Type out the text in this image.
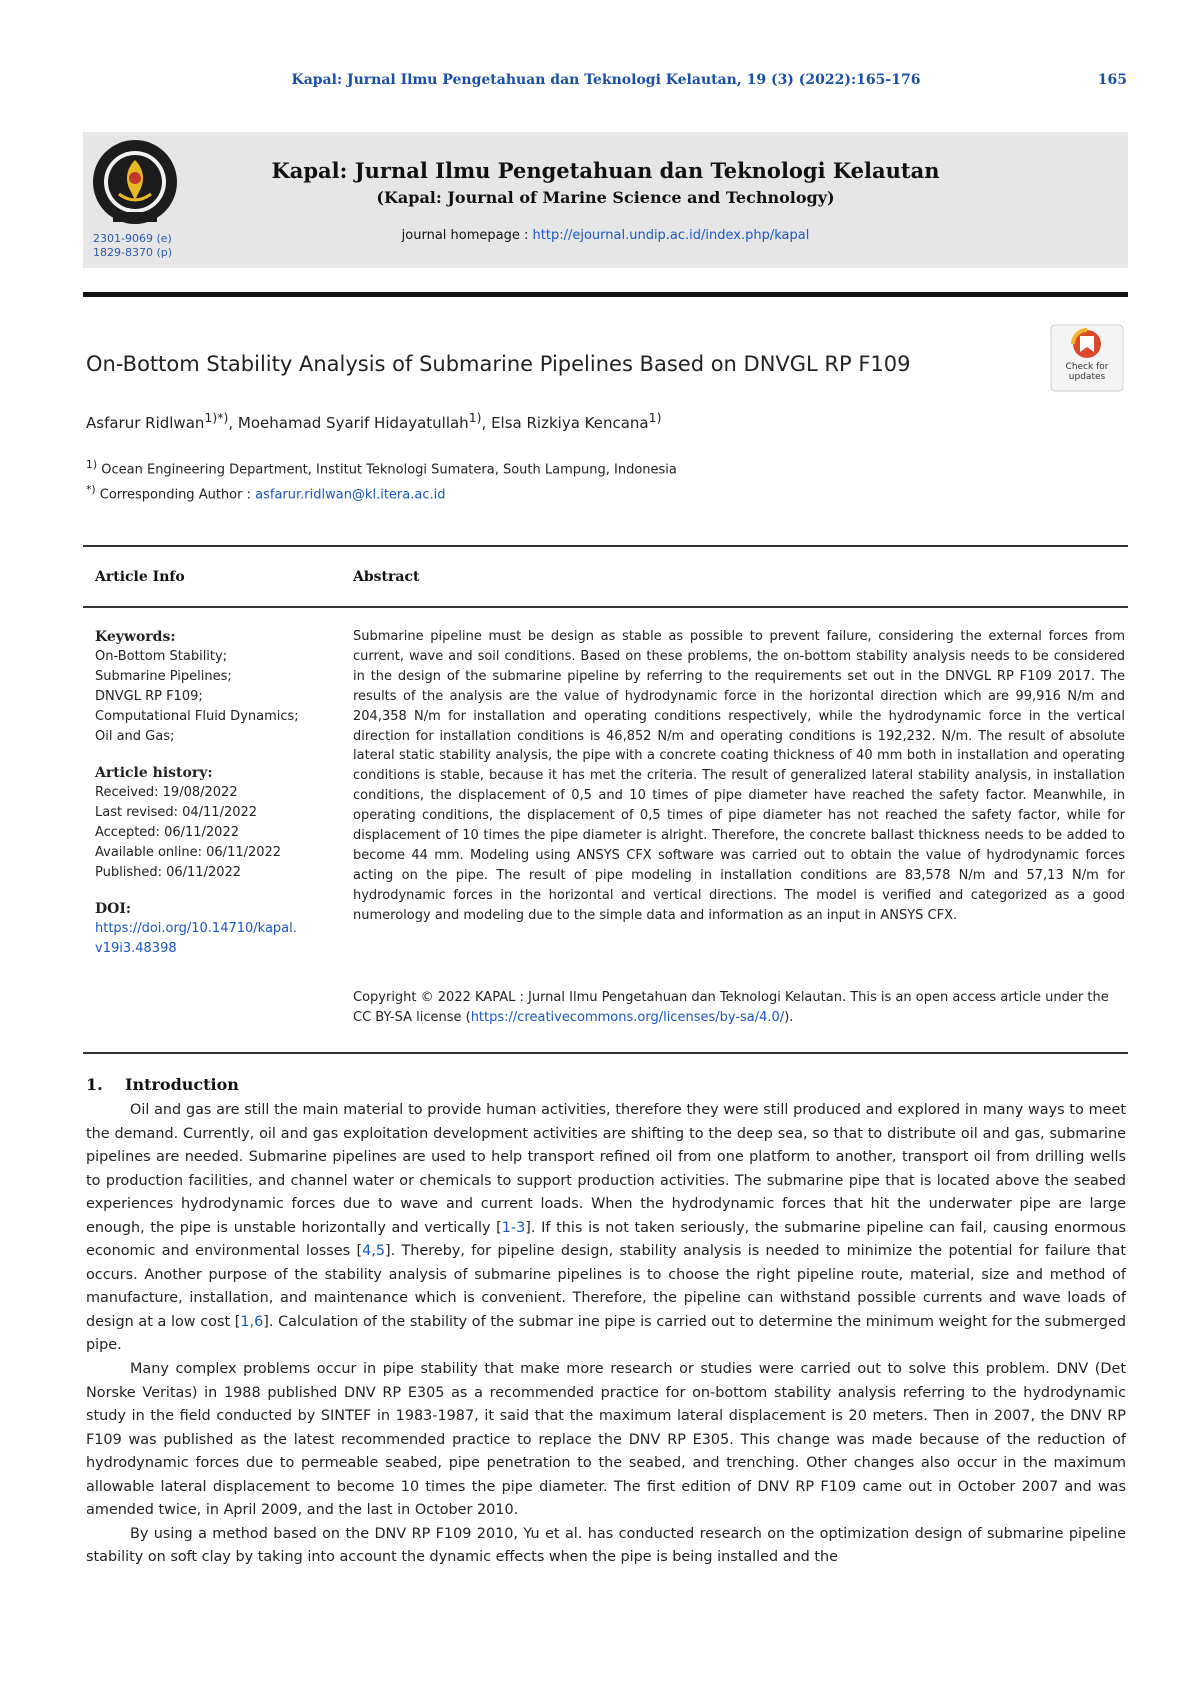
Kapal: Jurnal Ilmu Pengetahuan dan Teknologi Kelautan, 19 (3) (2022):165-176	165
2301-9069 (e)
1829-8370 (p)
Kapal: Jurnal Ilmu Pengetahuan dan Teknologi Kelautan
(Kapal: Journal of Marine Science and Technology)
journal homepage : http://ejournal.undip.ac.id/index.php/kapal
On-Bottom Stability Analysis of Submarine Pipelines Based on DNVGL RP F109	Check for
updates
Asfarur Ridlwan$^{1)*)}$, Moehamad Syarif Hidayatullah$^{1)}$, Elsa Rizkiya Kencana$^{1)}$
$^{1)}$ Ocean Engineering Department, Institut Teknologi Sumatera, South Lampung, Indonesia
*) Corresponding Author : asfarur.ridlwan@kl.itera.ac.id
Article Info	Abstract
Keywords:
On-Bottom Stability;
Submarine Pipelines;
DNVGL RP F109;
Computational Fluid Dynamics;
Oil and Gas;
Article history:
Received: 19/08/2022
Last revised: 04/11/2022
Accepted: 06/11/2022
Available online: 06/11/2022
Published: 06/11/2022
DOI:
https://doi.org/10.14710/kapal.
v19i3.48398
Submarine pipeline must be design as stable as possible to prevent failure, considering the external forces from current, wave and soil conditions. Based on these problems, the on-bottom stability analysis needs to be considered in the design of the submarine pipeline by referring to the requirements set out in the DNVGL RP F109 2017. The results of the analysis are the value of hydrodynamic force in the horizontal direction which are 99,916 N/m and 204,358 N/m for installation and operating conditions respectively, while the hydrodynamic force in the vertical direction for installation conditions is 46,852 N/m and operating conditions is 192,232. N/m. The result of absolute lateral static stability analysis, the pipe with a concrete coating thickness of 40 mm both in installation and operating conditions is stable, because it has met the criteria. The result of generalized lateral stability analysis, in installation conditions, the displacement of 0,5 and 10 times of pipe diameter have reached the safety factor. Meanwhile, in operating conditions, the displacement of 0,5 times of pipe diameter has not reached the safety factor, while for displacement of 10 times the pipe diameter is alright. Therefore, the concrete ballast thickness needs to be added to become 44 mm. Modeling using ANSYS CFX software was carried out to obtain the value of hydrodynamic forces acting on the pipe. The result of pipe modeling in installation conditions are 83,578 N/m and 57,13 N/m for hydrodynamic forces in the horizontal and vertical directions. The model is verified and categorized as a good numerology and modeling due to the simple data and information as an input in ANSYS CFX.
Copyright © 2022 KAPAL : Jurnal Ilmu Pengetahuan dan Teknologi Kelautan. This is an open access article under the CC BY-SA license (https://creativecommons.org/licenses/by-sa/4.0/).
1.    Introduction

Oil and gas are still the main material to provide human activities, therefore they were still produced and explored in many ways to meet the demand. Currently, oil and gas exploitation development activities are shifting to the deep sea, so that to distribute oil and gas, submarine pipelines are needed. Submarine pipelines are used to help transport refined oil from one platform to another, transport oil from drilling wells to production facilities, and channel water or chemicals to support production activities. The submarine pipe that is located above the seabed experiences hydrodynamic forces due to wave and current loads. When the hydrodynamic forces that hit the underwater pipe are large enough, the pipe is unstable horizontally and vertically [1-3]. If this is not taken seriously, the submarine pipeline can fail, causing enormous economic and environmental losses [4,5]. Thereby, for pipeline design, stability analysis is needed to minimize the potential for failure that occurs. Another purpose of the stability analysis of submarine pipelines is to choose the right pipeline route, material, size and method of manufacture, installation, and maintenance which is convenient. Therefore, the pipeline can withstand possible currents and wave loads of design at a low cost [1,6]. Calculation of the stability of the submar ine pipe is carried out to determine the minimum weight for the submerged pipe.

Many complex problems occur in pipe stability that make more research or studies were carried out to solve this problem. DNV (Det Norske Veritas) in 1988 published DNV RP E305 as a recommended practice for on-bottom stability analysis referring to the hydrodynamic study in the field conducted by SINTEF in 1983-1987, it said that the maximum lateral displacement is 20 meters. Then in 2007, the DNV RP F109 was published as the latest recommended practice to replace the DNV RP E305. This change was made because of the reduction of hydrodynamic forces due to permeable seabed, pipe penetration to the seabed, and trenching. Other changes also occur in the maximum allowable lateral displacement to become 10 times the pipe diameter. The first edition of DNV RP F109 came out in October 2007 and was amended twice, in April 2009, and the last in October 2010.

By using a method based on the DNV RP F109 2010, Yu et al. has conducted research on the optimization design of submarine pipeline stability on soft clay by taking into account the dynamic effects when the pipe is being installed and the
